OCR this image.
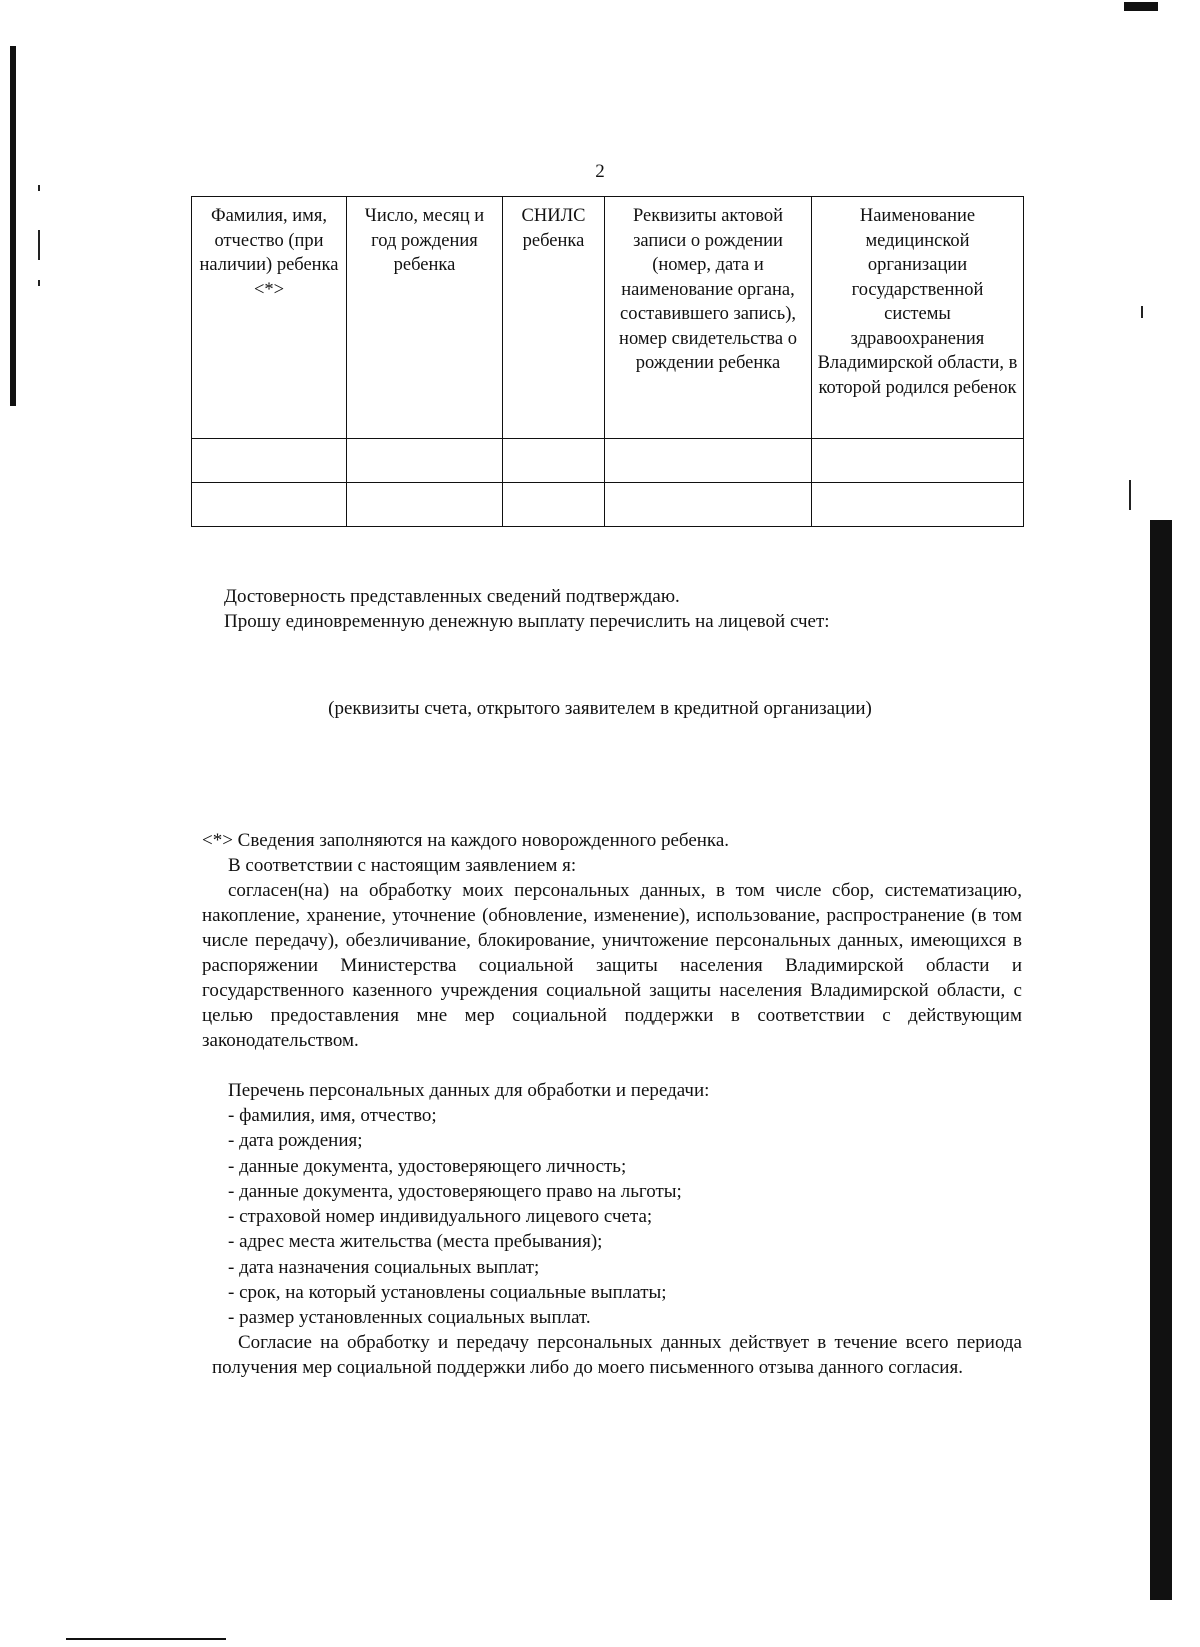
2
Фамилия, имя, отчество (при наличии) ребенка <*>	Число, месяц и год рождения ребенка	СНИЛС ребенка	Реквизиты актовой записи о рождении (номер, дата и наименование органа, составившего запись), номер свидетельства о рождении ребенка	Наименование медицинской организации государственной системы здравоохранения Владимирской области, в которой родился ребенок

Достоверность представленных сведений подтверждаю.
Прошу единовременную денежную выплату перечислить на лицевой счет:
(реквизиты счета, открытого заявителем в кредитной организации)
<*> Сведения заполняются на каждого новорожденного ребенка.
В соответствии с настоящим заявлением я:
согласен(на) на обработку моих персональных данных, в том числе сбор, систематизацию, накопление, хранение, уточнение (обновление, изменение), использование, распространение (в том числе передачу), обезличивание, блокирование, уничтожение персональных данных, имеющихся в распоряжении Министерства социальной защиты населения Владимирской области и государственного казенного учреждения социальной защиты населения Владимирской области, с целью предоставления мне мер социальной поддержки в соответствии с действующим законодательством.
Перечень персональных данных для обработки и передачи:
- фамилия, имя, отчество;
- дата рождения;
- данные документа, удостоверяющего личность;
- данные документа, удостоверяющего право на льготы;
- страховой номер индивидуального лицевого счета;
- адрес места жительства (места пребывания);
- дата назначения социальных выплат;
- срок, на который установлены социальные выплаты;
- размер установленных социальных выплат.
Согласие на обработку и передачу персональных данных действует в течение всего периода получения мер социальной поддержки либо до моего письменного отзыва данного согласия.
